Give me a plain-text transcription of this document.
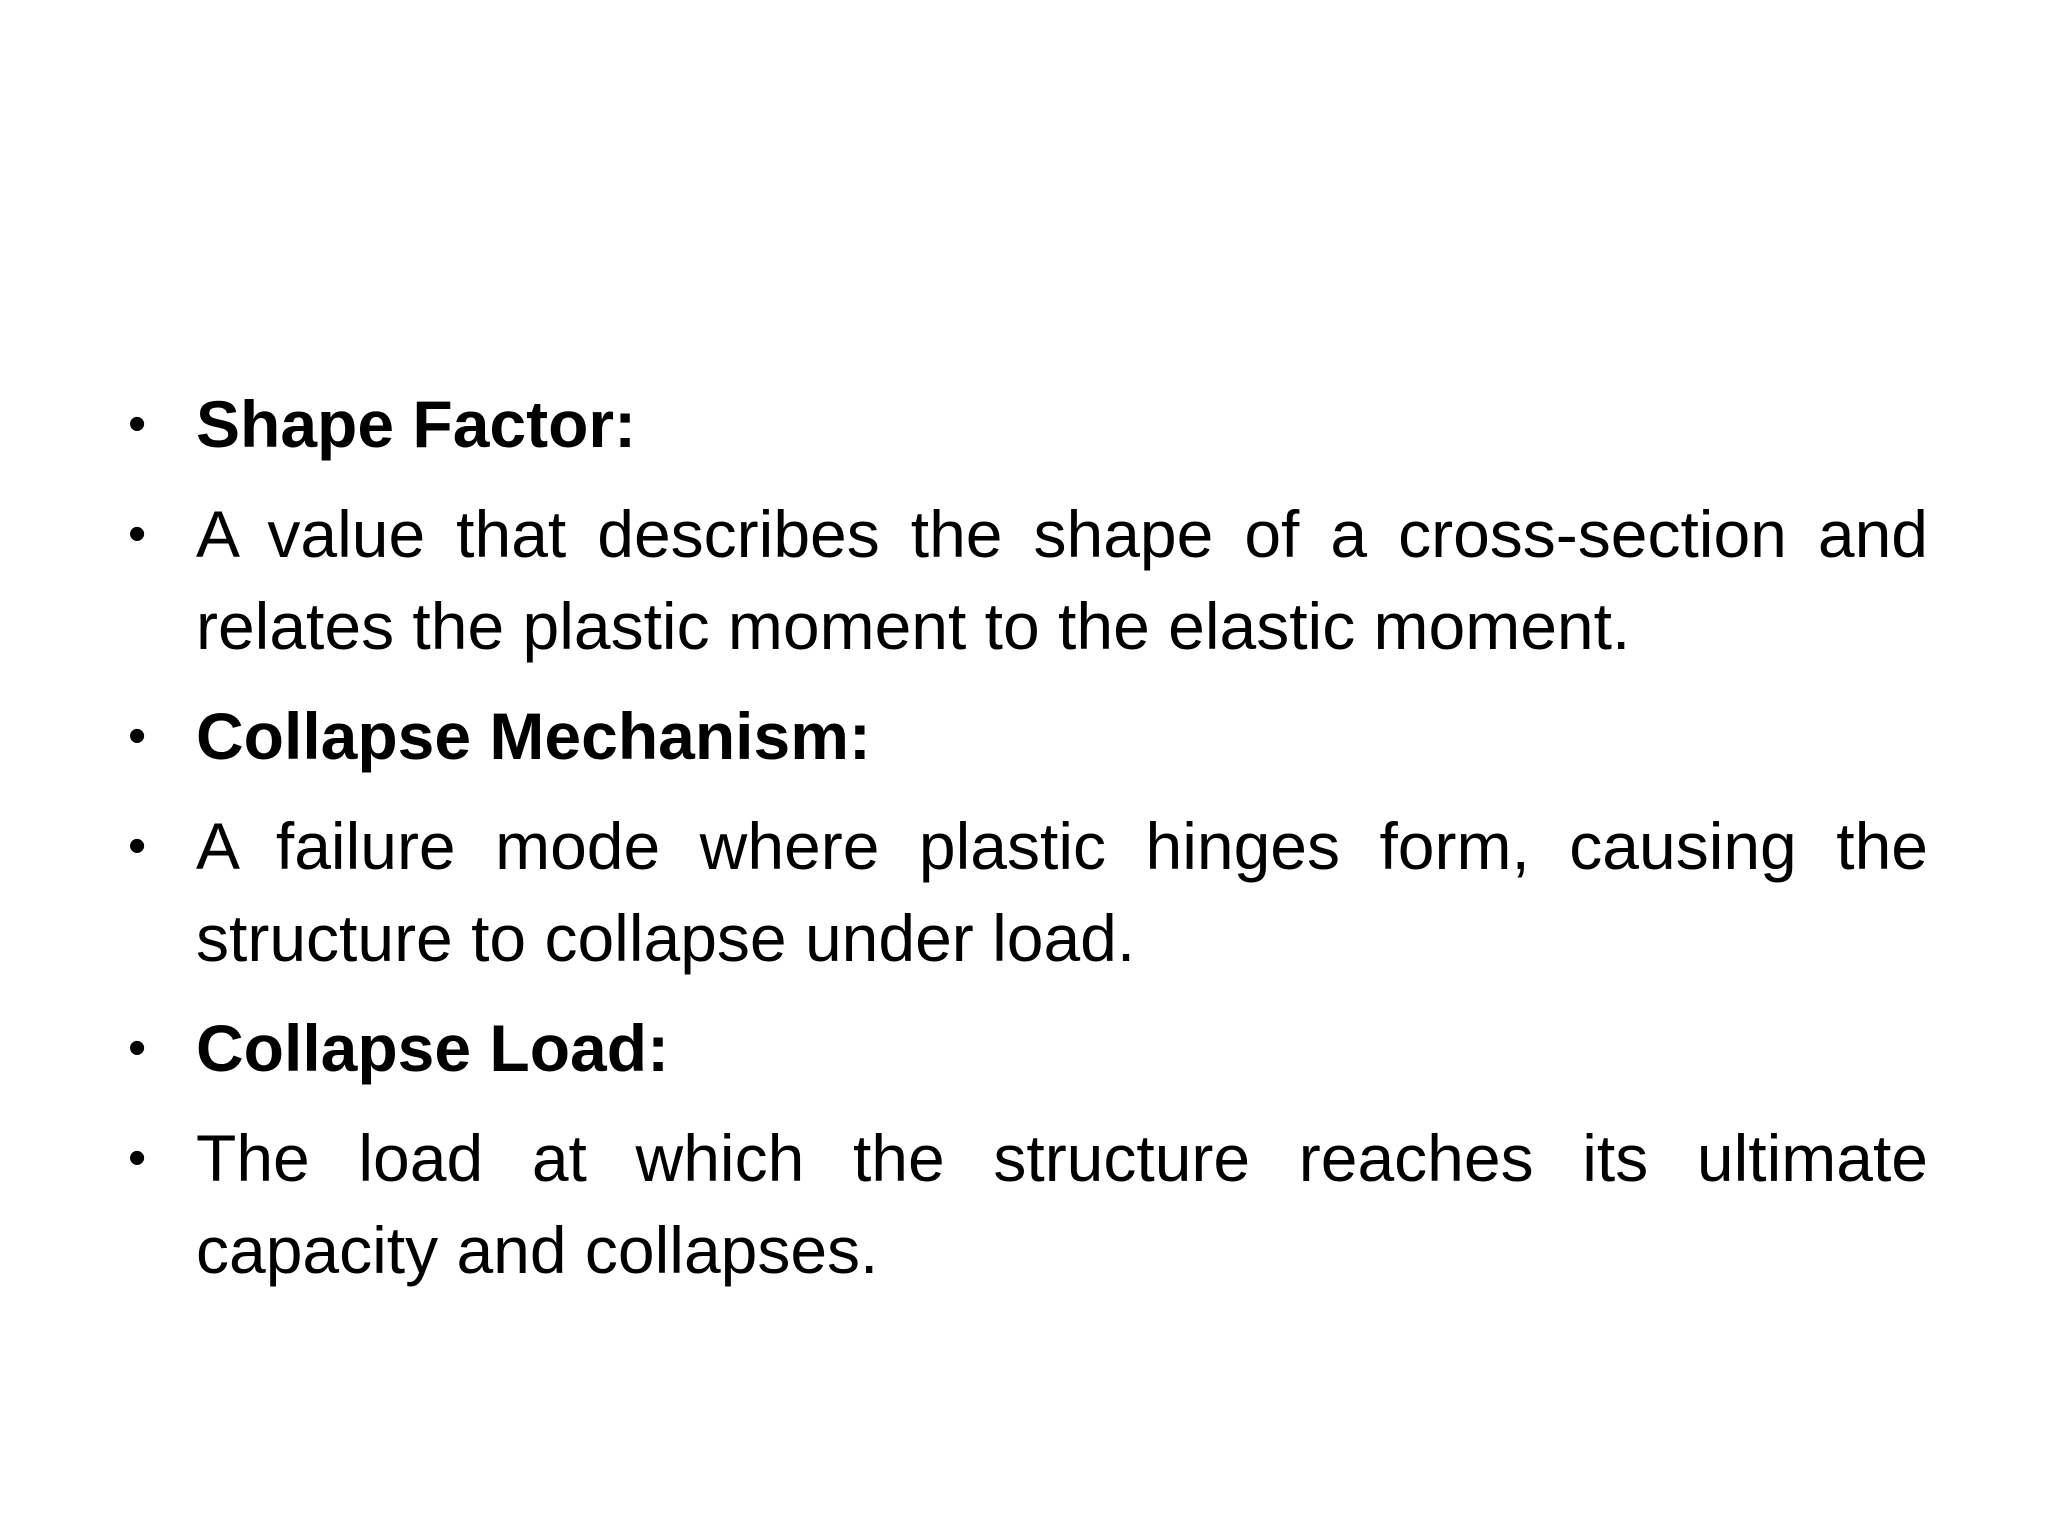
• Shape Factor:
• A value that describes the shape of a cross-section and relates the plastic moment to the elastic moment.
• Collapse Mechanism:
• A failure mode where plastic hinges form, causing the structure to collapse under load.
• Collapse Load:
• The load at which the structure reaches its ultimate capacity and collapses.
